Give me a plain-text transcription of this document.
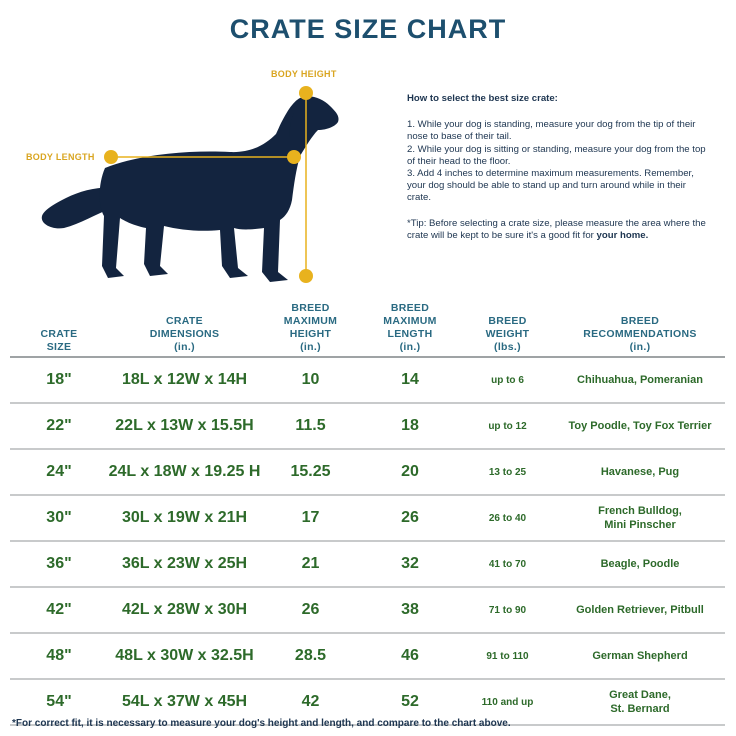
CRATE SIZE CHART
BODY HEIGHT
BODY LENGTH
How to select the best size crate:

1. While your dog is standing, measure your dog from the tip of their nose to base of their tail.

2. While your dog is sitting or standing, measure your dog from the top of their head to the floor.

3. Add 4 inches to determine maximum measurements. Remember, your dog should be able to stand up and turn around while in their crate.

*Tip: Before selecting a crate size, please measure the area where the crate will be kept to be sure it's a good fit for your home.

CRATE
SIZE	CRATE
DIMENSIONS
(in.)	BREED
MAXIMUM
HEIGHT
(in.)	BREED
MAXIMUM
LENGTH
(in.)	BREED
WEIGHT
(lbs.)	BREED
RECOMMENDATIONS
(in.)
18"	18L x 12W x 14H	10	14	up to 6	Chihuahua, Pomeranian
22"	22L x 13W x 15.5H	11.5	18	up to 12	Toy Poodle, Toy Fox Terrier
24"	24L x 18W x 19.25 H	15.25	20	13 to 25	Havanese, Pug
30"	30L x 19W x 21H	17	26	26 to 40	French Bulldog,
Mini Pinscher
36"	36L x 23W x 25H	21	32	41 to 70	Beagle, Poodle
42"	42L x 28W x 30H	26	38	71 to 90	Golden Retriever, Pitbull
48"	48L x 30W x 32.5H	28.5	46	91 to 110	German Shepherd
54"	54L x 37W x 45H	42	52	110 and up	Great Dane,
St. Bernard
*For correct fit, it is necessary to measure your dog's height and length, and compare to the chart above.
